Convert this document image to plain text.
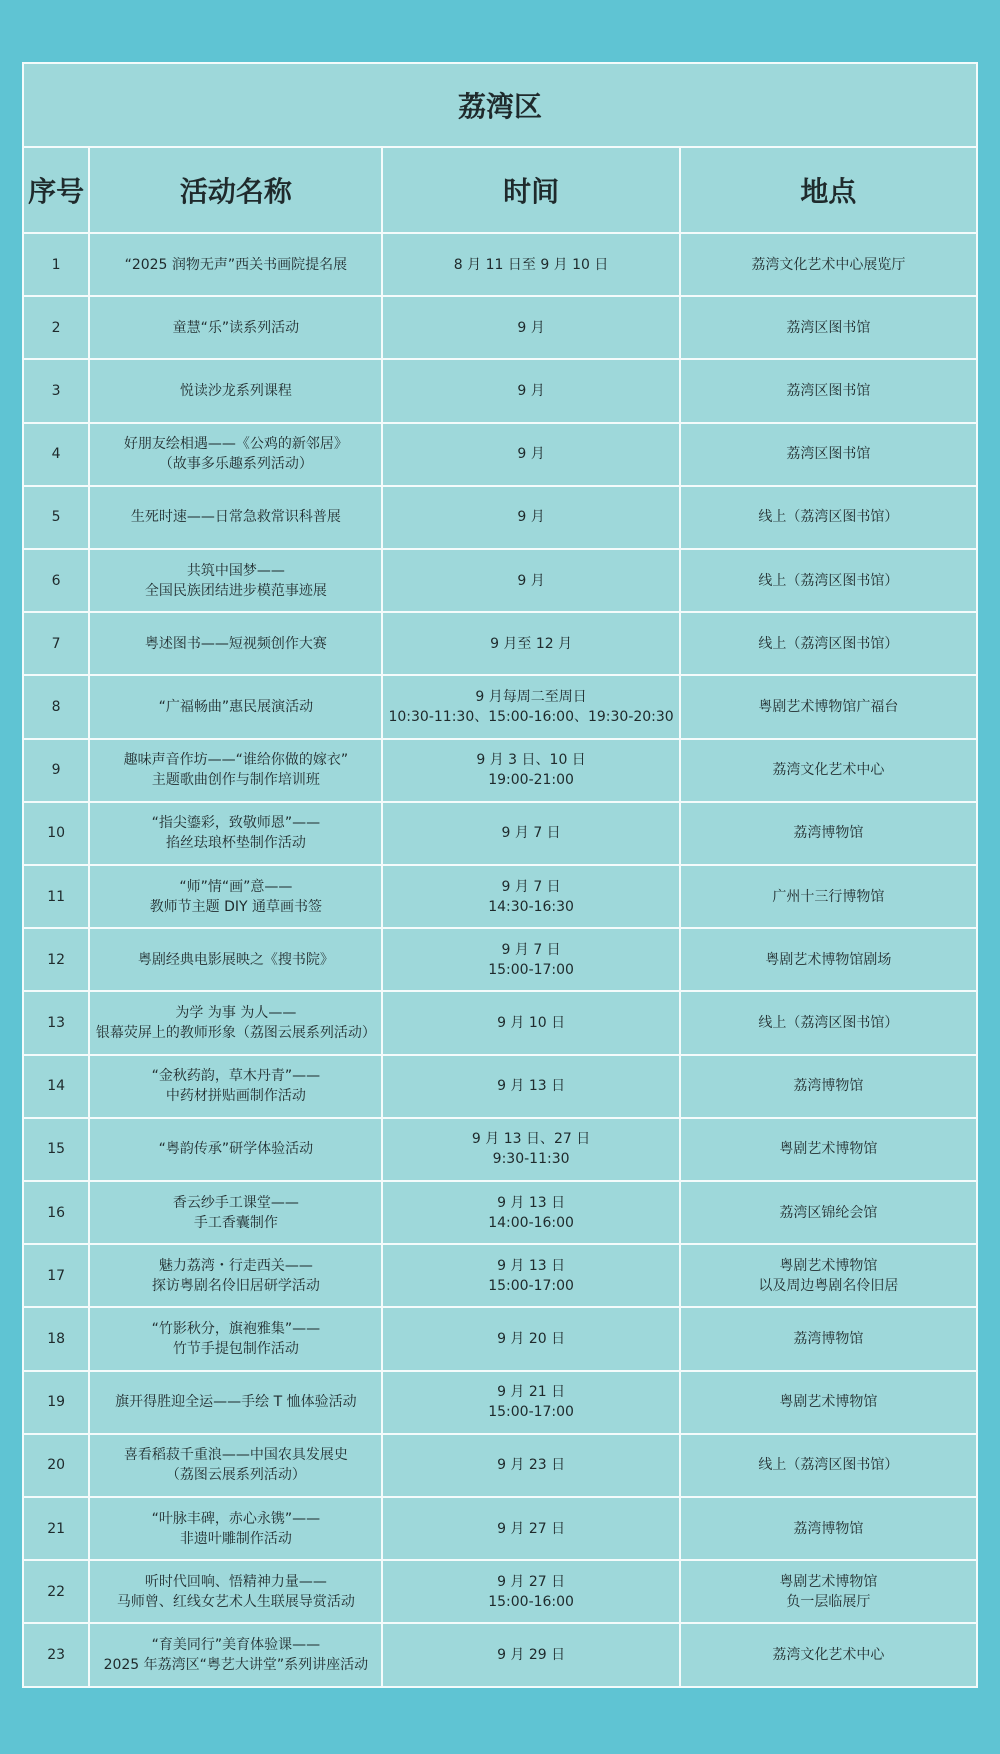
荔湾区			
序号	活动名称	时间	地点
1	“2025 润物无声”西关书画院提名展	8 月 11 日至 9 月 10 日	荔湾文化艺术中心展览厅

2	童慧“乐”读系列活动	9 月	荔湾区图书馆

3	悦读沙龙系列课程	9 月	荔湾区图书馆

4	好朋友绘相遇——《公鸡的新邻居》
（故事多乐趣系列活动）	9 月	荔湾区图书馆

5	生死时速——日常急救常识科普展	9 月	线上（荔湾区图书馆）

6	共筑中国梦——
全国民族团结进步模范事迹展	9 月	线上（荔湾区图书馆）

7	粤述图书——短视频创作大赛	9 月至 12 月	线上（荔湾区图书馆）

8	“广福畅曲”惠民展演活动	9 月每周二至周日
10:30-11:30、15:00-16:00、19:30-20:30	粤剧艺术博物馆广福台

9	趣味声音作坊——“谁给你做的嫁衣”
主题歌曲创作与制作培训班	9 月 3 日、10 日
19:00-21:00	荔湾文化艺术中心

10	“指尖鎏彩，致敬师恩”——
掐丝珐琅杯垫制作活动	9 月 7 日	荔湾博物馆

11	“师”情“画”意——
教师节主题 DIY 通草画书签	9 月 7 日
14:30-16:30	广州十三行博物馆

12	粤剧经典电影展映之《搜书院》	9 月 7 日
15:00-17:00	粤剧艺术博物馆剧场

13	为学 为事 为人——
银幕荧屏上的教师形象（荔图云展系列活动）	9 月 10 日	线上（荔湾区图书馆）

14	“金秋药韵，草木丹青”——
中药材拼贴画制作活动	9 月 13 日	荔湾博物馆

15	“粤韵传承”研学体验活动	9 月 13 日、27 日
9:30-11:30	粤剧艺术博物馆

16	香云纱手工课堂——
手工香囊制作	9 月 13 日
14:00-16:00	荔湾区锦纶会馆

17	魅力荔湾・行走西关——
探访粤剧名伶旧居研学活动	9 月 13 日
15:00-17:00	粤剧艺术博物馆
以及周边粤剧名伶旧居

18	“竹影秋分，旗袍雅集”——
竹节手提包制作活动	9 月 20 日	荔湾博物馆

19	旗开得胜迎全运——手绘 T 恤体验活动	9 月 21 日
15:00-17:00	粤剧艺术博物馆

20	喜看稻菽千重浪——中国农具发展史
（荔图云展系列活动）	9 月 23 日	线上（荔湾区图书馆）

21	“叶脉丰碑，赤心永镌”——
非遗叶雕制作活动	9 月 27 日	荔湾博物馆

22	听时代回响、悟精神力量——
马师曾、红线女艺术人生联展导赏活动	9 月 27 日
15:00-16:00	粤剧艺术博物馆
负一层临展厅

23	“育美同行”美育体验课——
2025 年荔湾区“粤艺大讲堂”系列讲座活动	9 月 29 日	荔湾文化艺术中心
